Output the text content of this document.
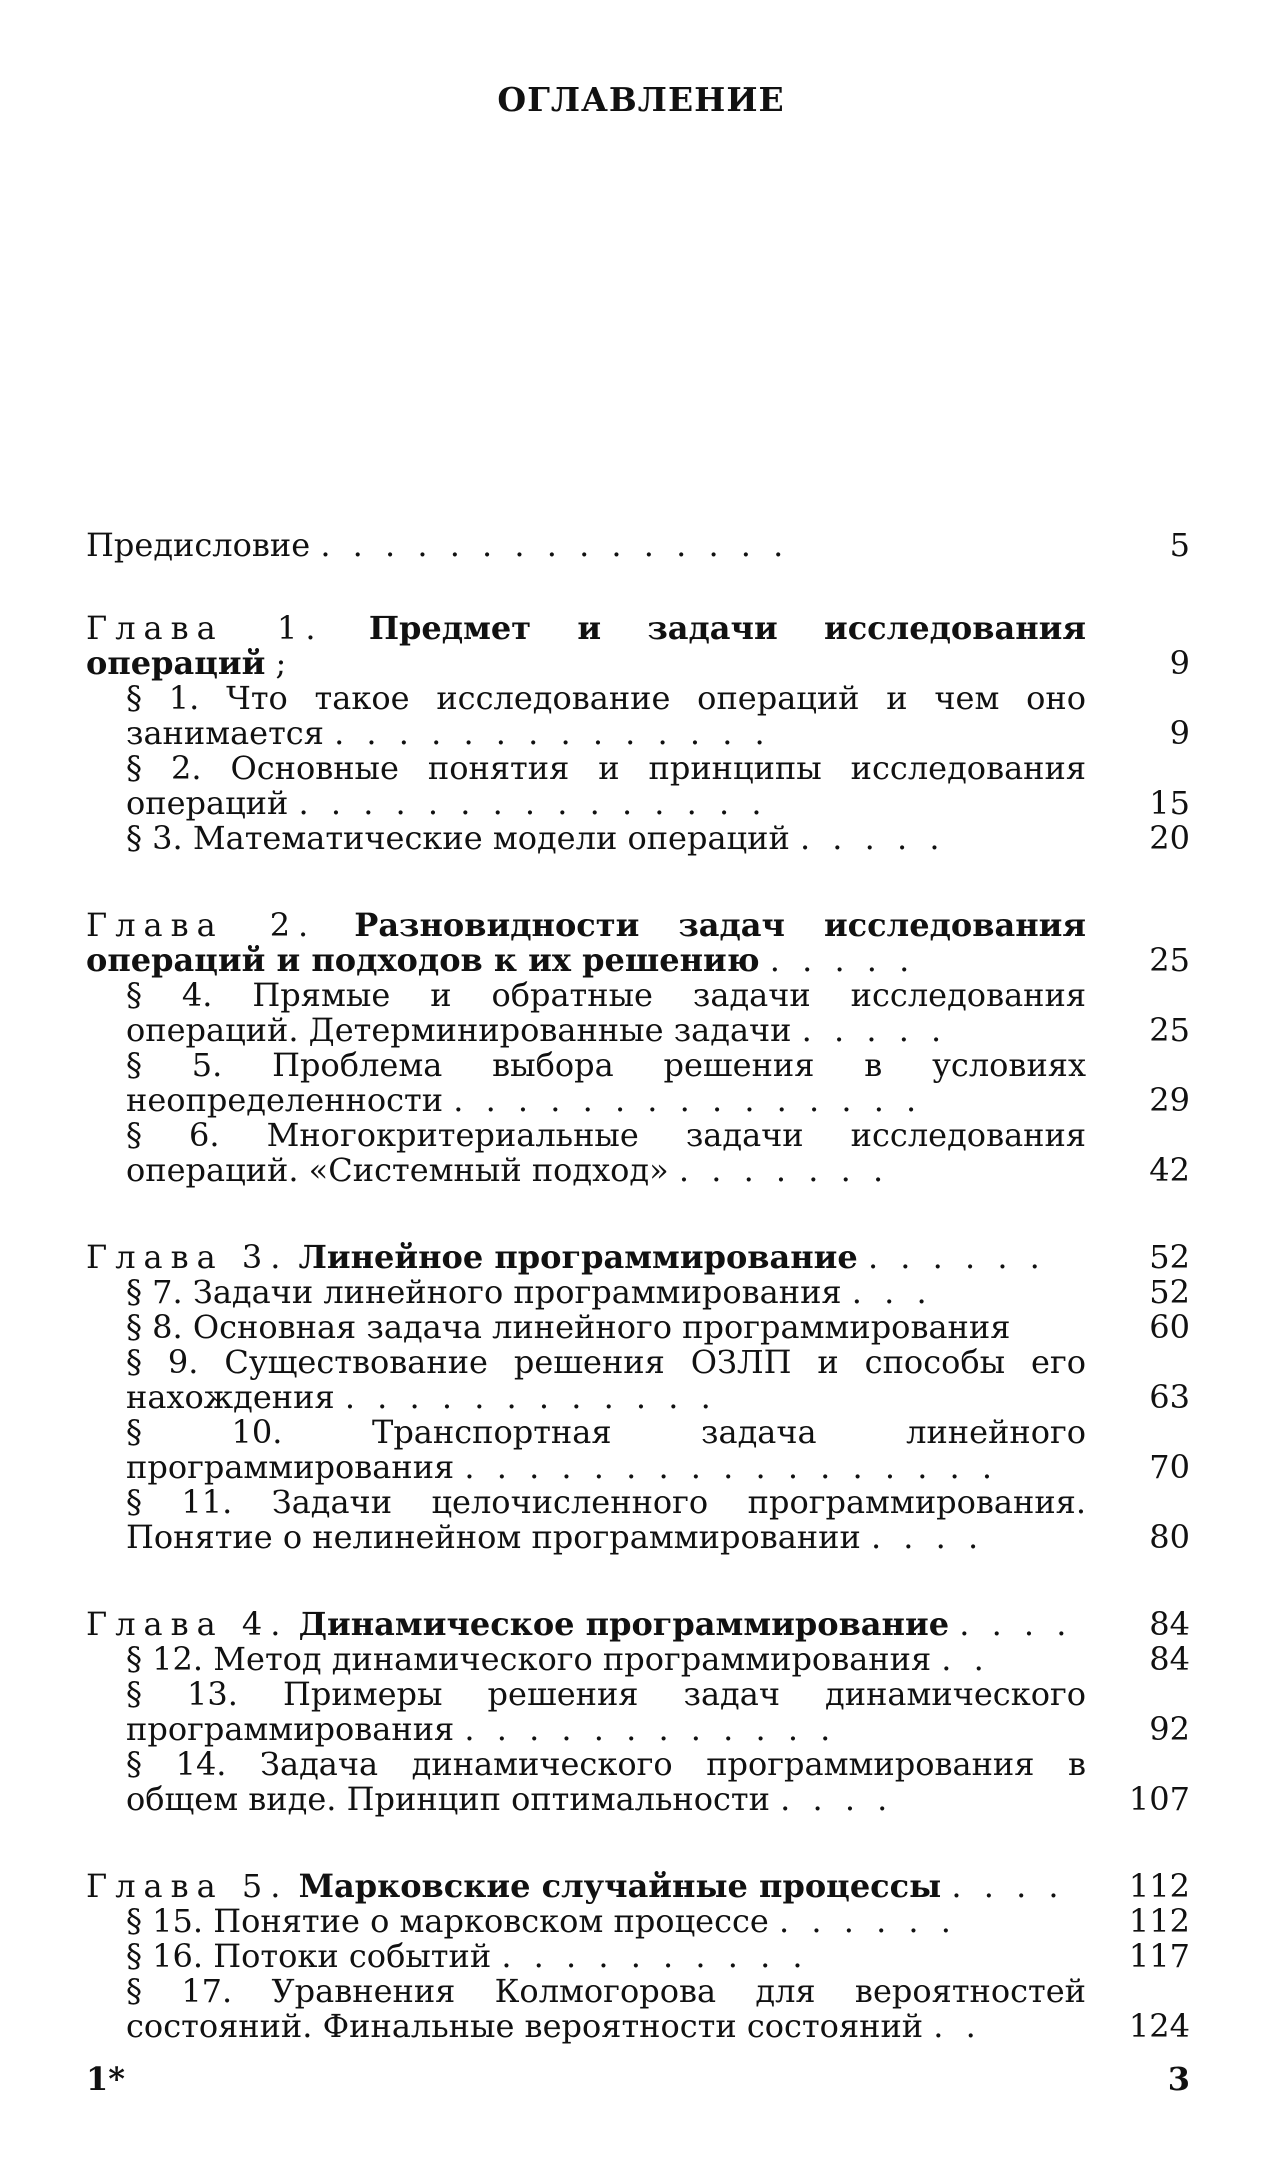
ОГЛАВЛЕНИЕ
Предисловие . . . . . . . . . . . . . . .	5
Глава 1. Предмет и задачи исследования операций ;	9
§ 1. Что такое исследование операций и чем оно занимается . . . . . . . . . . . . . .	9
§ 2. Основные понятия и принципы исследования операций . . . . . . . . . . . . . . .	15
§ 3. Математические модели операций . . . . .	20
Глава 2. Разновидности задач исследования операций и подходов к их решению . . . . .	25
§ 4. Прямые и обратные задачи исследования операций. Детерминированные задачи . . . . .	25
§ 5. Проблема выбора решения в условиях неопределенности . . . . . . . . . . . . . . .	29
§ 6. Многокритериальные задачи исследования операций. «Системный подход» . . . . . . .	42
Глава 3. Линейное программирование . . . . . .	52
§ 7. Задачи линейного программирования . . .	52
§ 8. Основная задача линейного программирования	60
§ 9. Существование решения ОЗЛП и способы его нахождения . . . . . . . . . . . .	63
§ 10. Транспортная задача линейного программирования . . . . . . . . . . . . . . . . .	70
§ 11. Задачи целочисленного программирования. Понятие о нелинейном программировании . . . .	80
Глава 4. Динамическое программирование . . . .	84
§ 12. Метод динамического программирования . .	84
§ 13. Примеры решения задач динамического программирования . . . . . . . . . . . .	92
§ 14. Задача динамического программирования в общем виде. Принцип оптимальности . . . .	107
Глава 5. Марковские случайные процессы . . . .	112
§ 15. Понятие о марковском процессе . . . . . .	112
§ 16. Потоки событий . . . . . . . . . .	117
§ 17. Уравнения Колмогорова для вероятностей состояний. Финальные вероятности состояний . .	124
1*	3
